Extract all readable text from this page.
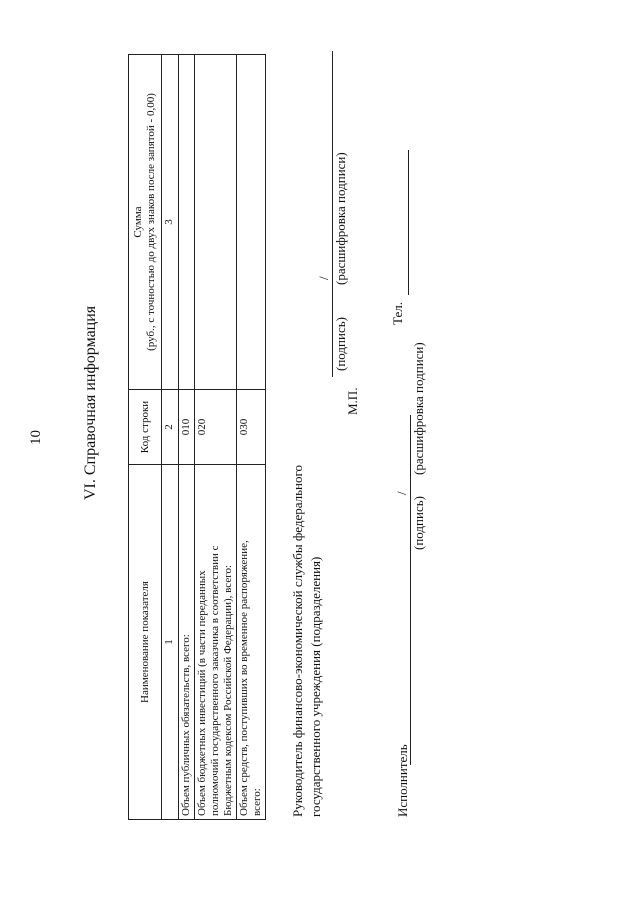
10 VI. Справочная информация
Наименование показателя	Код строки	Сумма (руб., с точностью до двух знаков после запятой - 0,00)

1	2	3

Объем публичных обязательств, всего:	010	

Объем бюджетных инвестиций (в части переданных полномочий государственного заказчика в соответствии с Бюджетным кодексом Российской Федерации), всего:	020	

Объем средств, поступивших во временное распоряжение, всего:	030	
Руководитель финансово-экономической службы федерального государственного учреждения (подразделения)
/
(подпись)
(расшифровка подписи)
М.П.
Исполнитель
/
(подпись)
(расшифровка подписи)
Тел.
